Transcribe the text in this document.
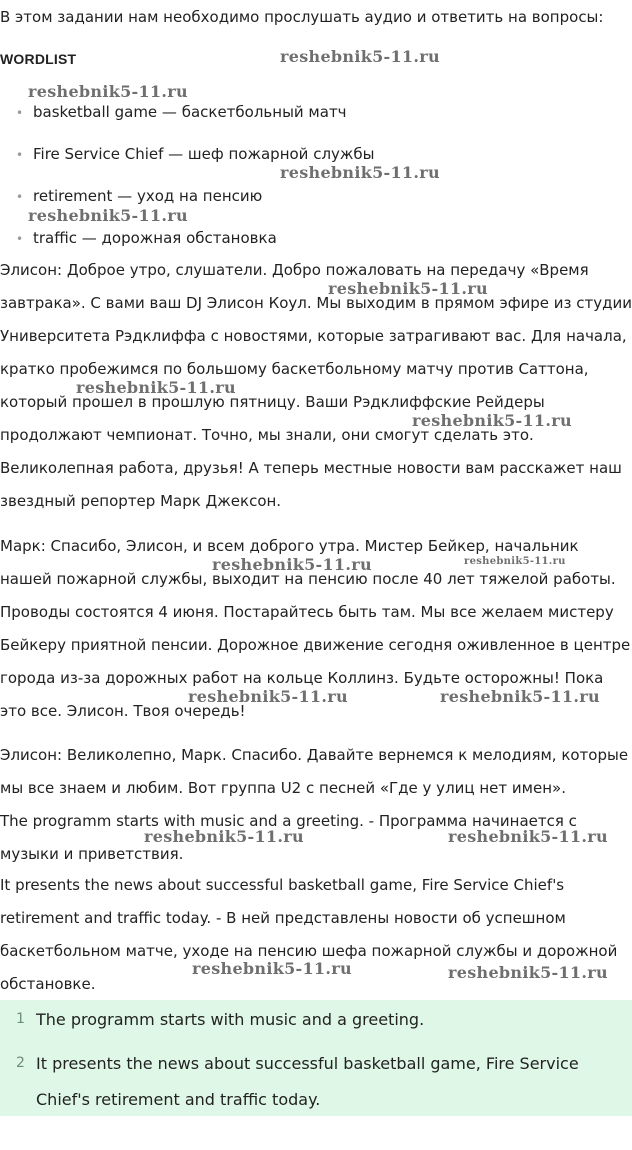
В этом задании нам необходимо прослушать аудио и ответить на вопросы:
WORDLIST
• basketball game — баскетбольный матч
• Fire Service Chief — шеф пожарной службы
• retirement — уход на пенсию
• traffic — дорожная обстановка
Элисон: Доброе утро, слушатели. Добро пожаловать на передачу «Время завтрака». С вами ваш DJ Элисон Коул. Мы выходим в прямом эфире из студии Университета Рэдклиффа с новостями, которые затрагивают вас. Для начала, кратко пробежимся по большому баскетбольному матчу против Саттона, который прошел в прошлую пятницу. Ваши Рэдклиффские Рейдеры продолжают чемпионат. Точно, мы знали, они смогут сделать это. Великолепная работа, друзья! А теперь местные новости вам расскажет наш звездный репортер Марк Джексон.
Марк: Спасибо, Элисон, и всем доброго утра. Мистер Бейкер, начальник нашей пожарной службы, выходит на пенсию после 40 лет тяжелой работы. Проводы состоятся 4 июня. Постарайтесь быть там. Мы все желаем мистеру Бейкеру приятной пенсии. Дорожное движение сегодня оживленное в центре города из-за дорожных работ на кольце Коллинз. Будьте осторожны! Пока это все. Элисон. Твоя очередь!
Элисон: Великолепно, Марк. Спасибо. Давайте вернемся к мелодиям, которые мы все знаем и любим. Вот группа U2 с песней «Где у улиц нет имен».
The programm starts with music and a greeting. - Программа начинается с музыки и приветствия.
It presents the news about successful basketball game, Fire Service Chief's retirement and traffic today. - В ней представлены новости об успешном баскетбольном матче, уходе на пенсию шефа пожарной службы и дорожной обстановке.
1 The programm starts with music and a greeting.
2 It presents the news about successful basketball game, Fire Service Chief's retirement and traffic today.
reshebnik5-11.ru
reshebnik5-11.ru
reshebnik5-11.ru
reshebnik5-11.ru
reshebnik5-11.ru
reshebnik5-11.ru
reshebnik5-11.ru
reshebnik5-11.ru	reshebnik5-11.ru
reshebnik5-11.ru	reshebnik5-11.ru
reshebnik5-11.ru	reshebnik5-11.ru
reshebnik5-11.ru	reshebnik5-11.ru
